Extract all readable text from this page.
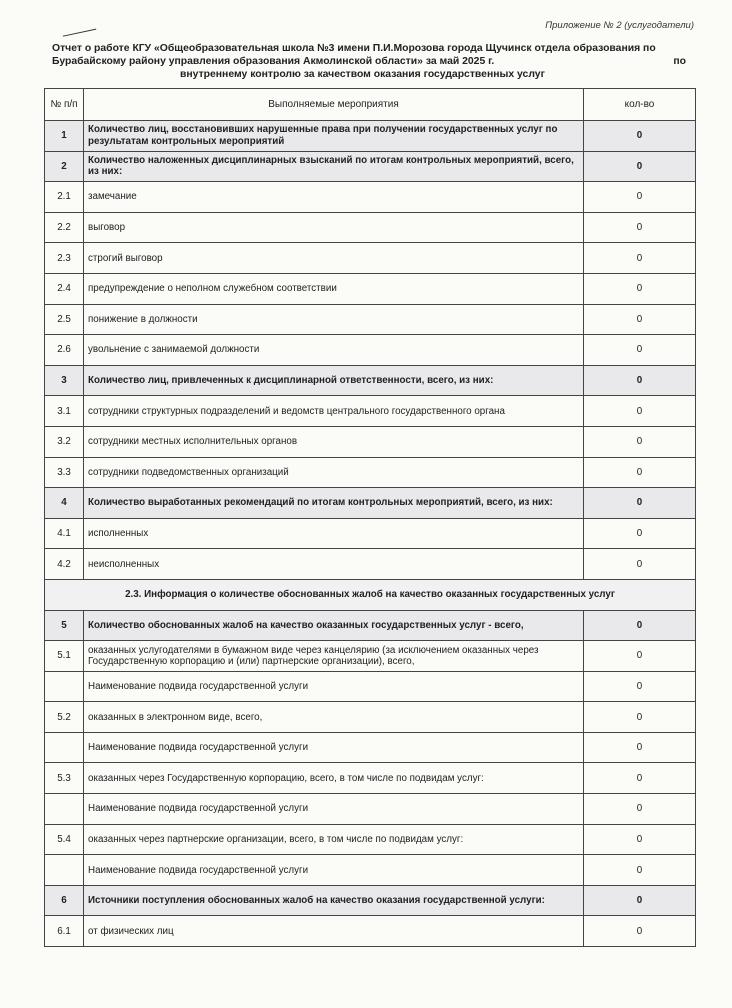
Приложение № 2 (услугодатели)
Отчет о работе КГУ «Общеобразовательная школа №3 имени П.И.Морозова города Щучинск отдела образования по
Бурабайскому району управления образования Акмолинской области» за май 2025 г.	по
внутреннему контролю за качеством оказания государственных услуг
№ п/п	Выполняемые мероприятия	кол-во
1	Количество лиц, восстановивших нарушенные права при получении государственных услуг по результатам контрольных мероприятий	0
2	Количество наложенных дисциплинарных взысканий по итогам контрольных мероприятий, всего, из них:	0
2.1	замечание	0
2.2	выговор	0
2.3	строгий выговор	0
2.4	предупреждение о неполном служебном соответствии	0
2.5	понижение в должности	0
2.6	увольнение с занимаемой должности	0
3	Количество лиц, привлеченных к дисциплинарной ответственности, всего, из них:	0
3.1	сотрудники структурных подразделений и ведомств центрального государственного органа	0
3.2	сотрудники местных исполнительных органов	0
3.3	сотрудники подведомственных организаций	0
4	Количество выработанных рекомендаций по итогам контрольных мероприятий, всего, из них:	0
4.1	исполненных	0
4.2	неисполненных	0
2.3. Информация о количестве обоснованных жалоб на качество оказанных государственных услуг		
5	Количество обоснованных жалоб на качество оказанных государственных услуг - всего,	0
5.1	оказанных услугодателями в бумажном виде через канцелярию (за исключением оказанных через Государственную корпорацию и (или) партнерские организации), всего,	0
	Наименование подвида государственной услуги	0
5.2	оказанных в электронном виде, всего,	0
	Наименование подвида государственной услуги	0
5.3	оказанных через Государственную корпорацию, всего, в том числе по подвидам услуг:	0
	Наименование подвида государственной услуги	0
5.4	оказанных через партнерские организации, всего, в том числе по подвидам услуг:	0
	Наименование подвида государственной услуги	0
6	Источники поступления обоснованных жалоб на качество оказания государственной услуги:	0
6.1	от физических лиц	0
